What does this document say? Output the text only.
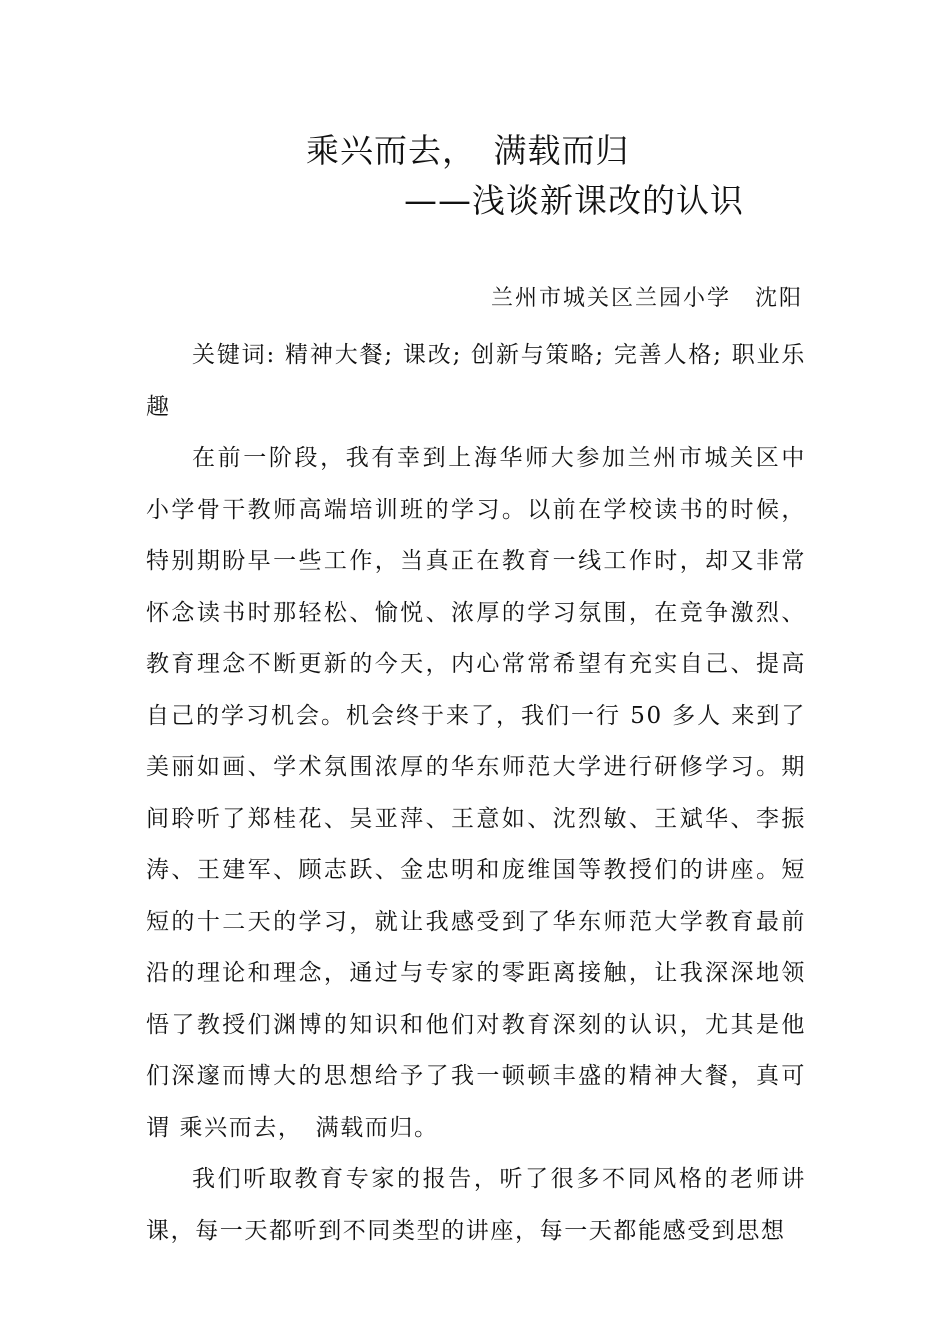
乘兴而去，　满载而归
——浅谈新课改的认识
兰州市城关区兰园小学　沈阳

关键词: 精神大餐; 课改; 创新与策略; 完善人格; 职业乐趣

在前一阶段，我有幸到上海华师大参加兰州市城关区中小学骨干教师高端培训班的学习。以前在学校读书的时候，特别期盼早一些工作，当真正在教育一线工作时，却又非常怀念读书时那轻松、愉悦、浓厚的学习氛围，在竞争激烈、教育理念不断更新的今天，内心常常希望有充实自己、提高自己的学习机会。机会终于来了，我们一行 50 多人 来到了美丽如画、学术氛围浓厚的华东师范大学进行研修学习。期间聆听了郑桂花、吴亚萍、王意如、沈烈敏、王斌华、李振涛、王建军、顾志跃、金忠明和庞维国等教授们的讲座。短短的十二天的学习，就让我感受到了华东师范大学教育最前沿的理论和理念，通过与专家的零距离接触，让我深深地领悟了教授们渊博的知识和他们对教育深刻的认识，尤其是他们深邃而博大的思想给予了我一顿顿丰盛的精神大餐，真可谓 乘兴而去，　满载而归。

我们听取教育专家的报告，听了很多不同风格的老师讲课，每一天都听到不同类型的讲座，每一天都能感受到思想
